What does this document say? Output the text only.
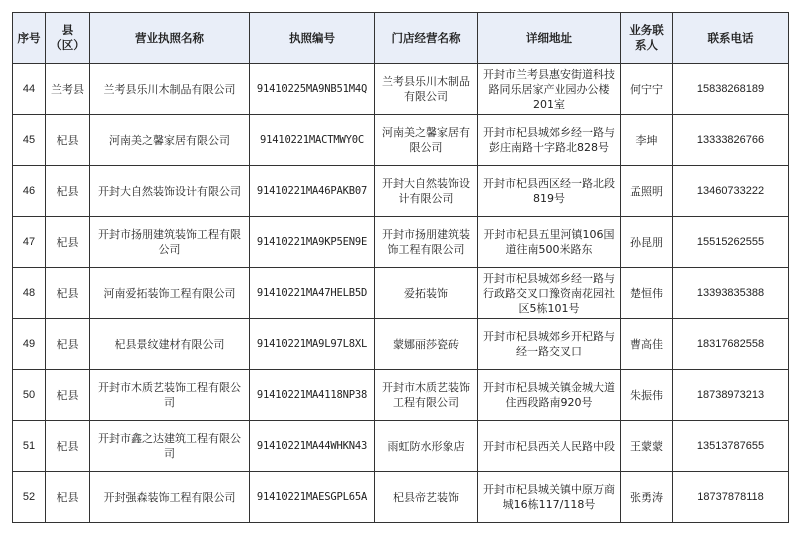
序号	县（区）	营业执照名称	执照编号	门店经营名称	详细地址	业务联系人	联系电话
44	兰考县	兰考县乐川木制品有限公司	91410225MA9NB51M4Q	兰考县乐川木制品有限公司	开封市兰考县惠安街道科技路同乐居家产业园办公楼201室	何宁宁	15838268189
45	杞县	河南美之馨家居有限公司	91410221MACTMWY0C	河南美之馨家居有限公司	开封市杞县城郊乡经一路与彭庄南路十字路北828号	李坤	13333826766
46	杞县	开封大自然装饰设计有限公司	91410221MA46PAKB07	开封大自然装饰设计有限公司	开封市杞县西区经一路北段819号	孟照明	13460733222
47	杞县	开封市扬朋建筑装饰工程有限公司	91410221MA9KP5EN9E	开封市扬朋建筑装饰工程有限公司	开封市杞县五里河镇106国道往南500米路东	孙昆朋	15515262555
48	杞县	河南爱拓装饰工程有限公司	91410221MA47HELB5D	爱拓装饰	开封市杞县城郊乡经一路与行政路交叉口豫资南花园社区5栋101号	楚恒伟	13393835388
49	杞县	杞县景纹建材有限公司	91410221MA9L97L8XL	蒙娜丽莎瓷砖	开封市杞县城郊乡开杞路与经一路交叉口	曹高佳	18317682558
50	杞县	开封市木质艺装饰工程有限公司	91410221MA4118NP38	开封市木质艺装饰工程有限公司	开封市杞县城关镇金城大道住西段路南920号	朱振伟	18738973213
51	杞县	开封市鑫之达建筑工程有限公司	91410221MA44WHKN43	雨虹防水形象店	开封市杞县西关人民路中段	王蒙蒙	13513787655
52	杞县	开封强森装饰工程有限公司	91410221MAESGPL65A	杞县帝艺装饰	开封市杞县城关镇中原万商城16栋117/118号	张勇涛	18737878118
